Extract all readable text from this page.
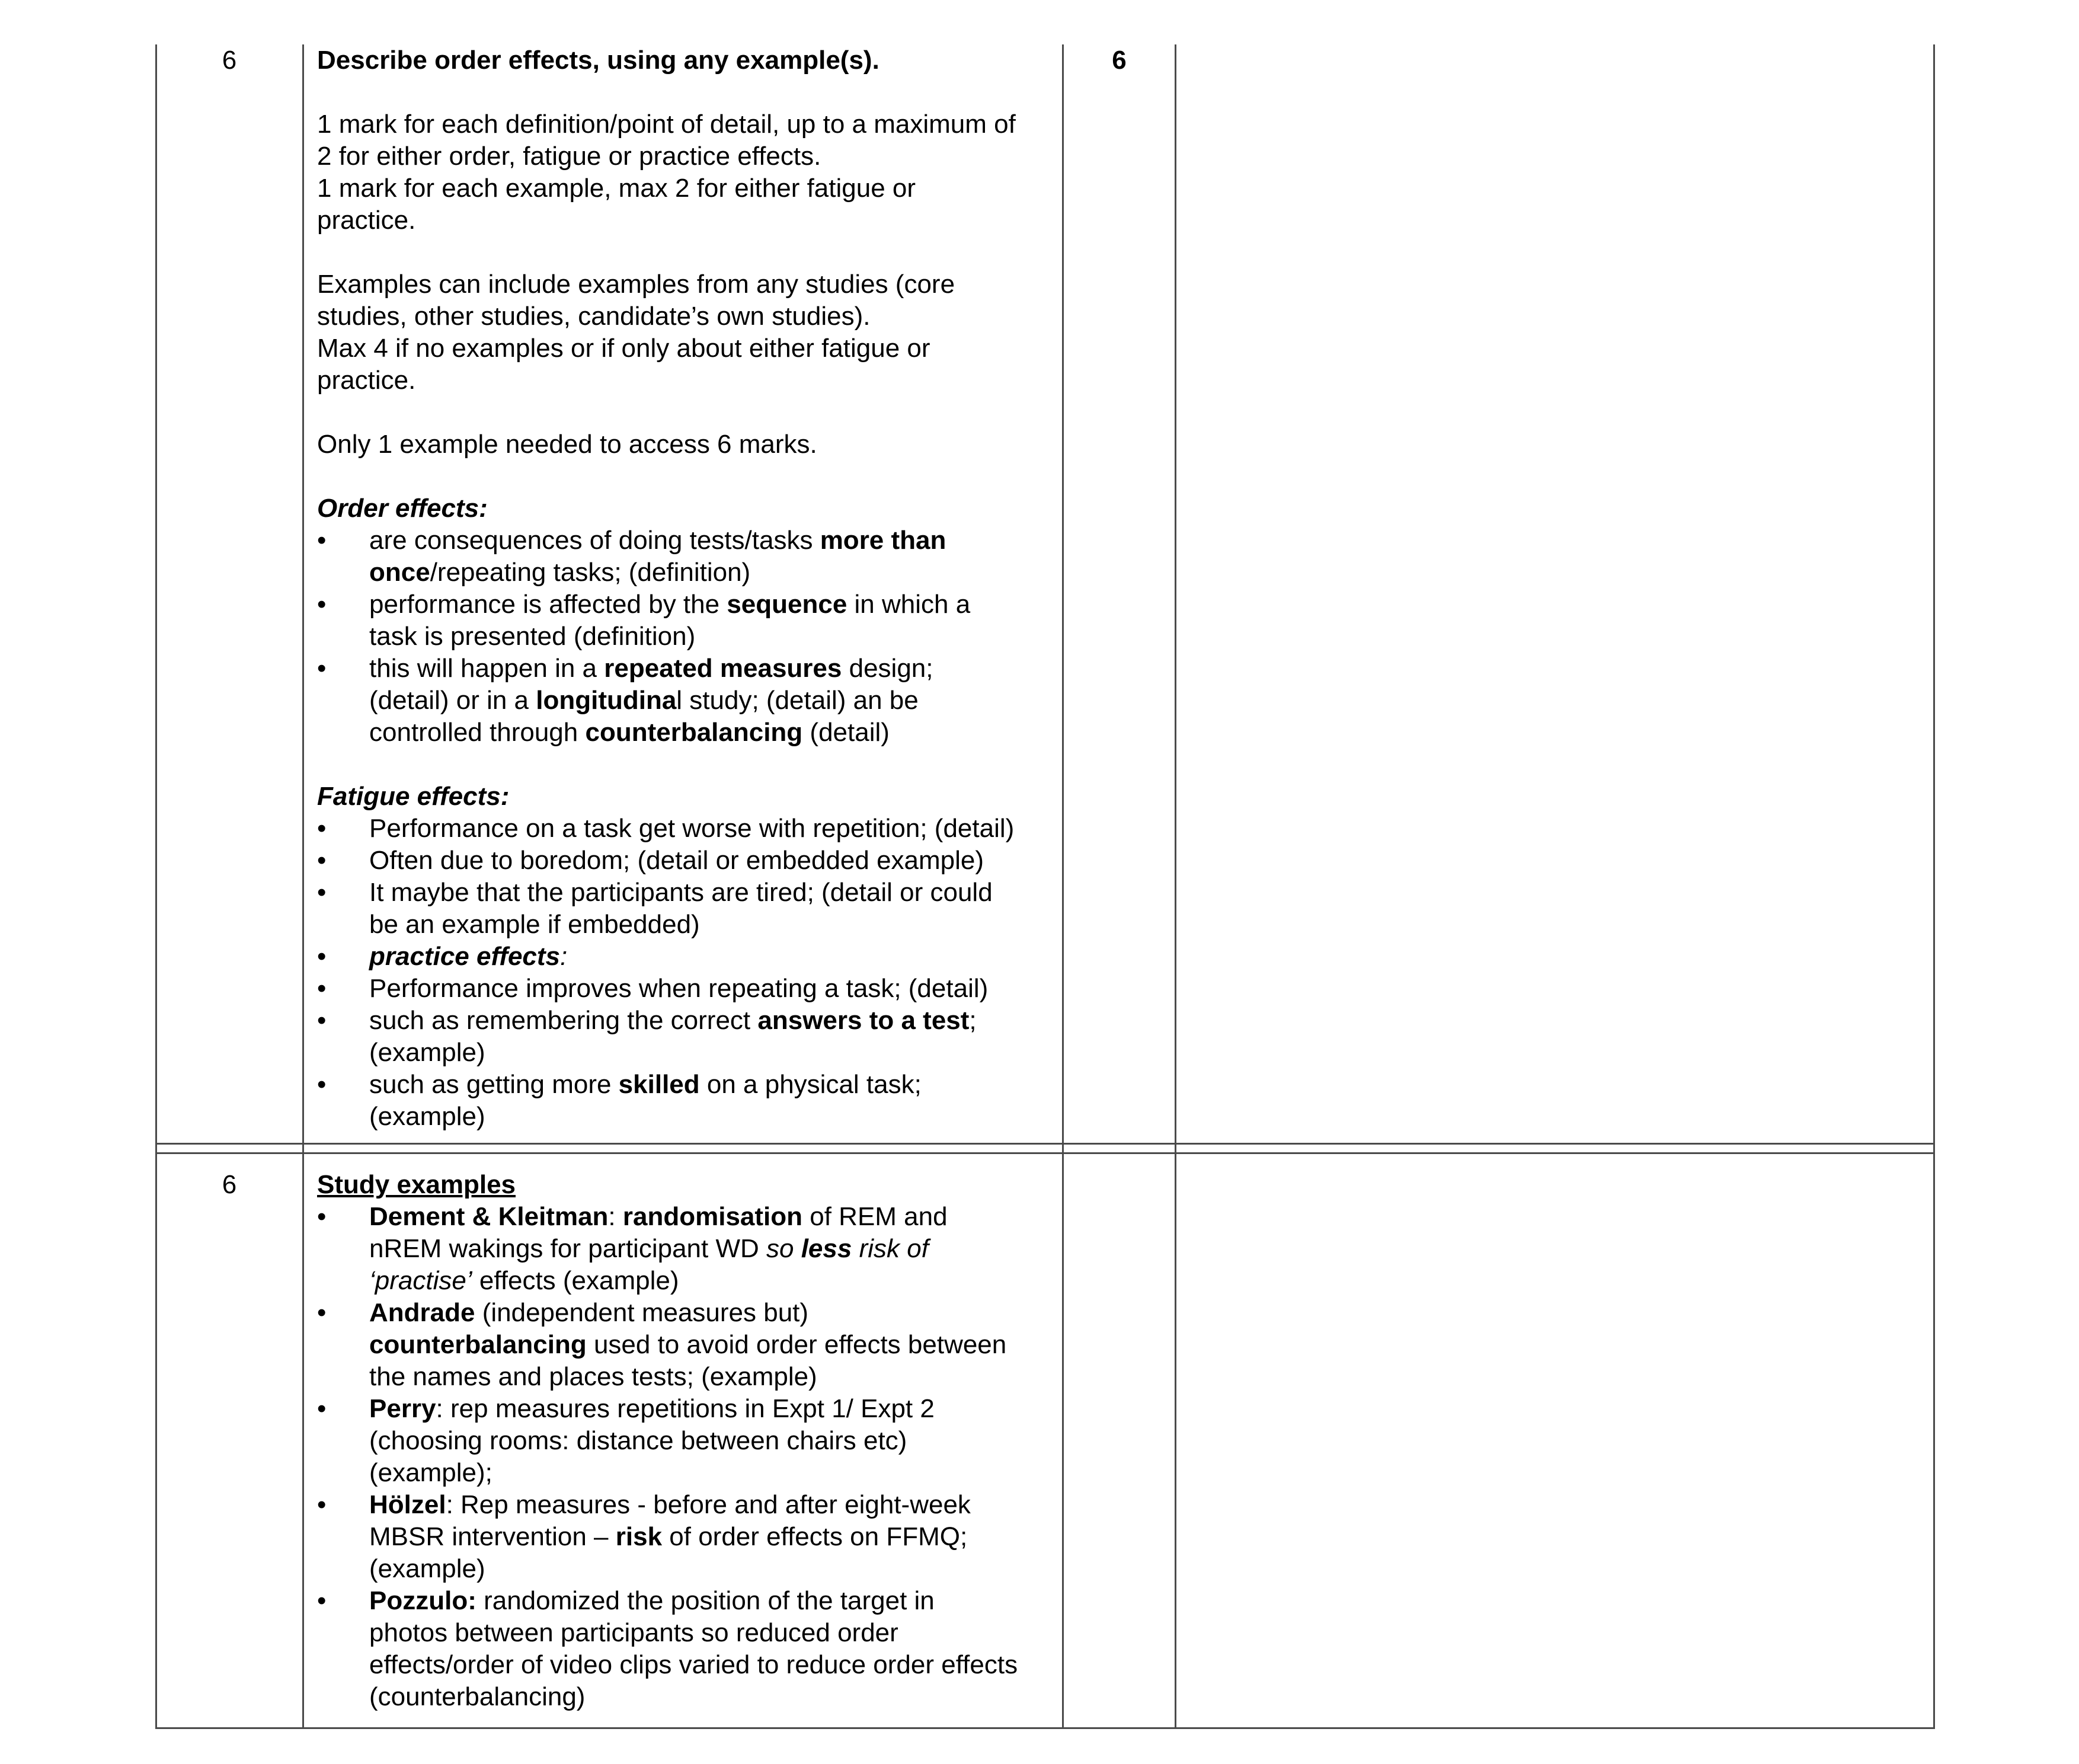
6	6

Describe order effects, using any example(s).

1 mark for each definition/point of detail, up to a maximum of
2 for either order, fatigue or practice effects.
1 mark for each example, max 2 for either fatigue or
practice.

Examples can include examples from any studies (core
studies, other studies, candidate’s own studies).
Max 4 if no examples or if only about either fatigue or
practice.

Only 1 example needed to access 6 marks.

Order effects:

• are consequences of doing tests/tasks more than
once/repeating tasks; (definition)
• performance is affected by the sequence in which a
task is presented (definition)
• this will happen in a repeated measures design;
(detail) or in a longitudinal study; (detail) an be
controlled through counterbalancing (detail)

Fatigue effects:

• Performance on a task get worse with repetition; (detail)
• Often due to boredom; (detail or embedded example)
• It maybe that the participants are tired; (detail or could
be an example if embedded)
• practice effects:
• Performance improves when repeating a task; (detail)
• such as remembering the correct answers to a test;
(example)
• such as getting more skilled on a physical task;
(example)
6	Study examples

• Dement & Kleitman: randomisation of REM and
nREM wakings for participant WD so less risk of
‘practise’ effects (example)
• Andrade (independent measures but)
counterbalancing used to avoid order effects between
the names and places tests; (example)
• Perry: rep measures repetitions in Expt 1/ Expt 2
(choosing rooms: distance between chairs etc)
(example);
• Hölzel: Rep measures - before and after eight-week
MBSR intervention – risk of order effects on FFMQ;
(example)
• Pozzulo: randomized the position of the target in
photos between participants so reduced order
effects/order of video clips varied to reduce order effects
(counterbalancing)
